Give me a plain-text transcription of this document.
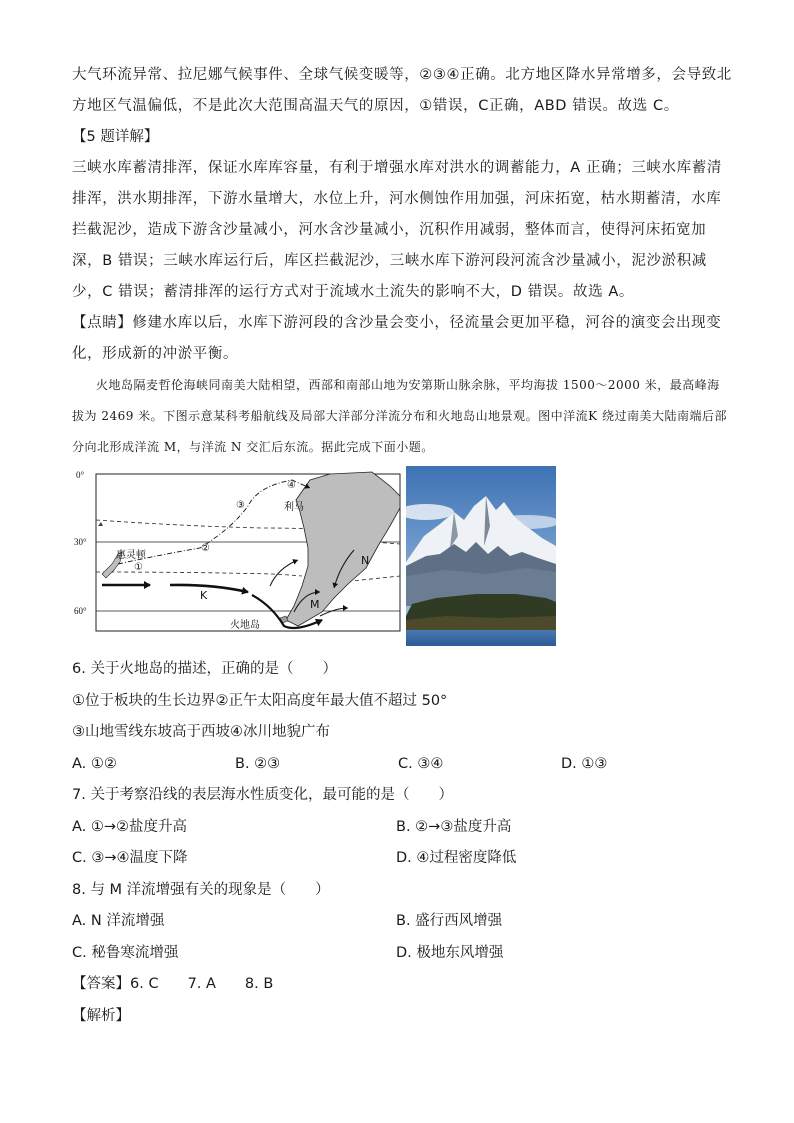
大气环流异常、拉尼娜气候事件、全球气候变暖等，②③④正确。北方地区降水异常增多，会导致北方地区气温偏低，不是此次大范围高温天气的原因，①错误，C正确，ABD 错误。故选 C。

【5 题详解】

三峡水库蓄清排浑，保证水库库容量，有利于增强水库对洪水的调蓄能力，A 正确；三峡水库蓄清排浑，洪水期排浑，下游水量增大，水位上升，河水侧蚀作用加强，河床拓宽，枯水期蓄清，水库拦截泥沙，造成下游含沙量减小，河水含沙量减小，沉积作用减弱，整体而言，使得河床拓宽加深，B 错误；三峡水库运行后，库区拦截泥沙，三峡水库下游河段河流含沙量减小，泥沙淤积减少，C 错误；蓄清排浑的运行方式对于流域水土流失的影响不大，D 错误。故选 A。

【点睛】修建水库以后，水库下游河段的含沙量会变小，径流量会更加平稳，河谷的演变会出现变化，形成新的冲淤平衡。

火地岛隔麦哲伦海峡同南美大陆相望，西部和南部山地为安第斯山脉余脉，平均海拔 1500～2000 米，最高峰海拔为 2469 米。下图示意某科考船航线及局部大洋部分洋流分布和火地岛山地景观。图中洋流K 绕过南美大陆南端后部分向北形成洋流 M，与洋流 N 交汇后东流。据此完成下面小题。

0°
30°
60°
①
②
③
④
惠灵顿
利马
火地岛
K
M
N

6. 关于火地岛的描述，正确的是（　　）

①位于板块的生长边界②正午太阳高度年最大值不超过 50°

③山地雪线东坡高于西坡④冰川地貌广布

A. ①②	B. ②③	C. ③④	D. ①③

7. 关于考察沿线的表层海水性质变化，最可能的是（　　）

A. ①→②盐度升高	B. ②→③盐度升高
C. ③→④温度下降	D. ④过程密度降低

8. 与 M 洋流增强有关的现象是（　　）

A. N 洋流增强	B. 盛行西风增强
C. 秘鲁寒流增强	D. 极地东风增强

【答案】6. C　　7. A　　8. B

【解析】
